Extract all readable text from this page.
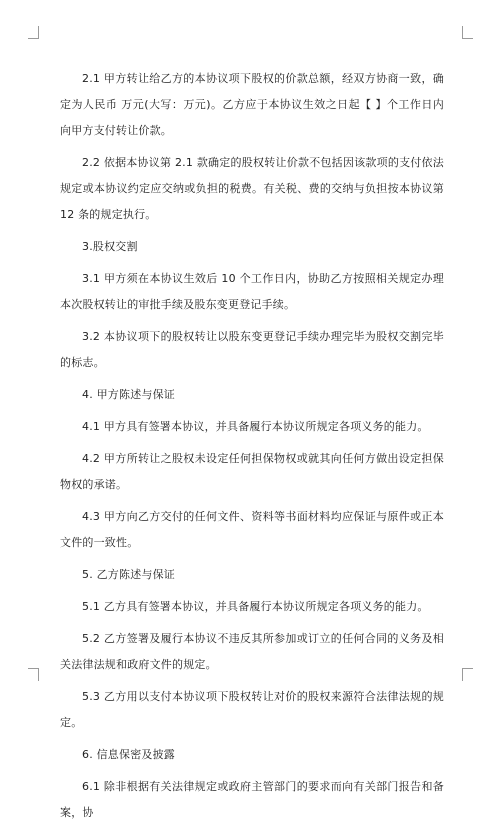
2.1 甲方转让给乙方的本协议项下股权的价款总额，经双方协商一致，确定为人民币 万元(大写：万元)。乙方应于本协议生效之日起【 】个工作日内向甲方支付转让价款。

2.2 依据本协议第 2.1 款确定的股权转让价款不包括因该款项的支付依法规定或本协议约定应交纳或负担的税费。有关税、费的交纳与负担按本协议第 12 条的规定执行。

3.股权交割

3.1 甲方须在本协议生效后 10 个工作日内，协助乙方按照相关规定办理本次股权转让的审批手续及股东变更登记手续。

3.2 本协议项下的股权转让以股东变更登记手续办理完毕为股权交割完毕的标志。

4. 甲方陈述与保证

4.1 甲方具有签署本协议，并具备履行本协议所规定各项义务的能力。

4.2 甲方所转让之股权未设定任何担保物权或就其向任何方做出设定担保物权的承诺。

4.3 甲方向乙方交付的任何文件、资料等书面材料均应保证与原件或正本文件的一致性。

5. 乙方陈述与保证

5.1 乙方具有签署本协议，并具备履行本协议所规定各项义务的能力。

5.2 乙方签署及履行本协议不违反其所参加或订立的任何合同的义务及相关法律法规和政府文件的规定。

5.3 乙方用以支付本协议项下股权转让对价的股权来源符合法律法规的规定。

6. 信息保密及披露

6.1 除非根据有关法律规定或政府主管部门的要求而向有关部门报告和备案，协
